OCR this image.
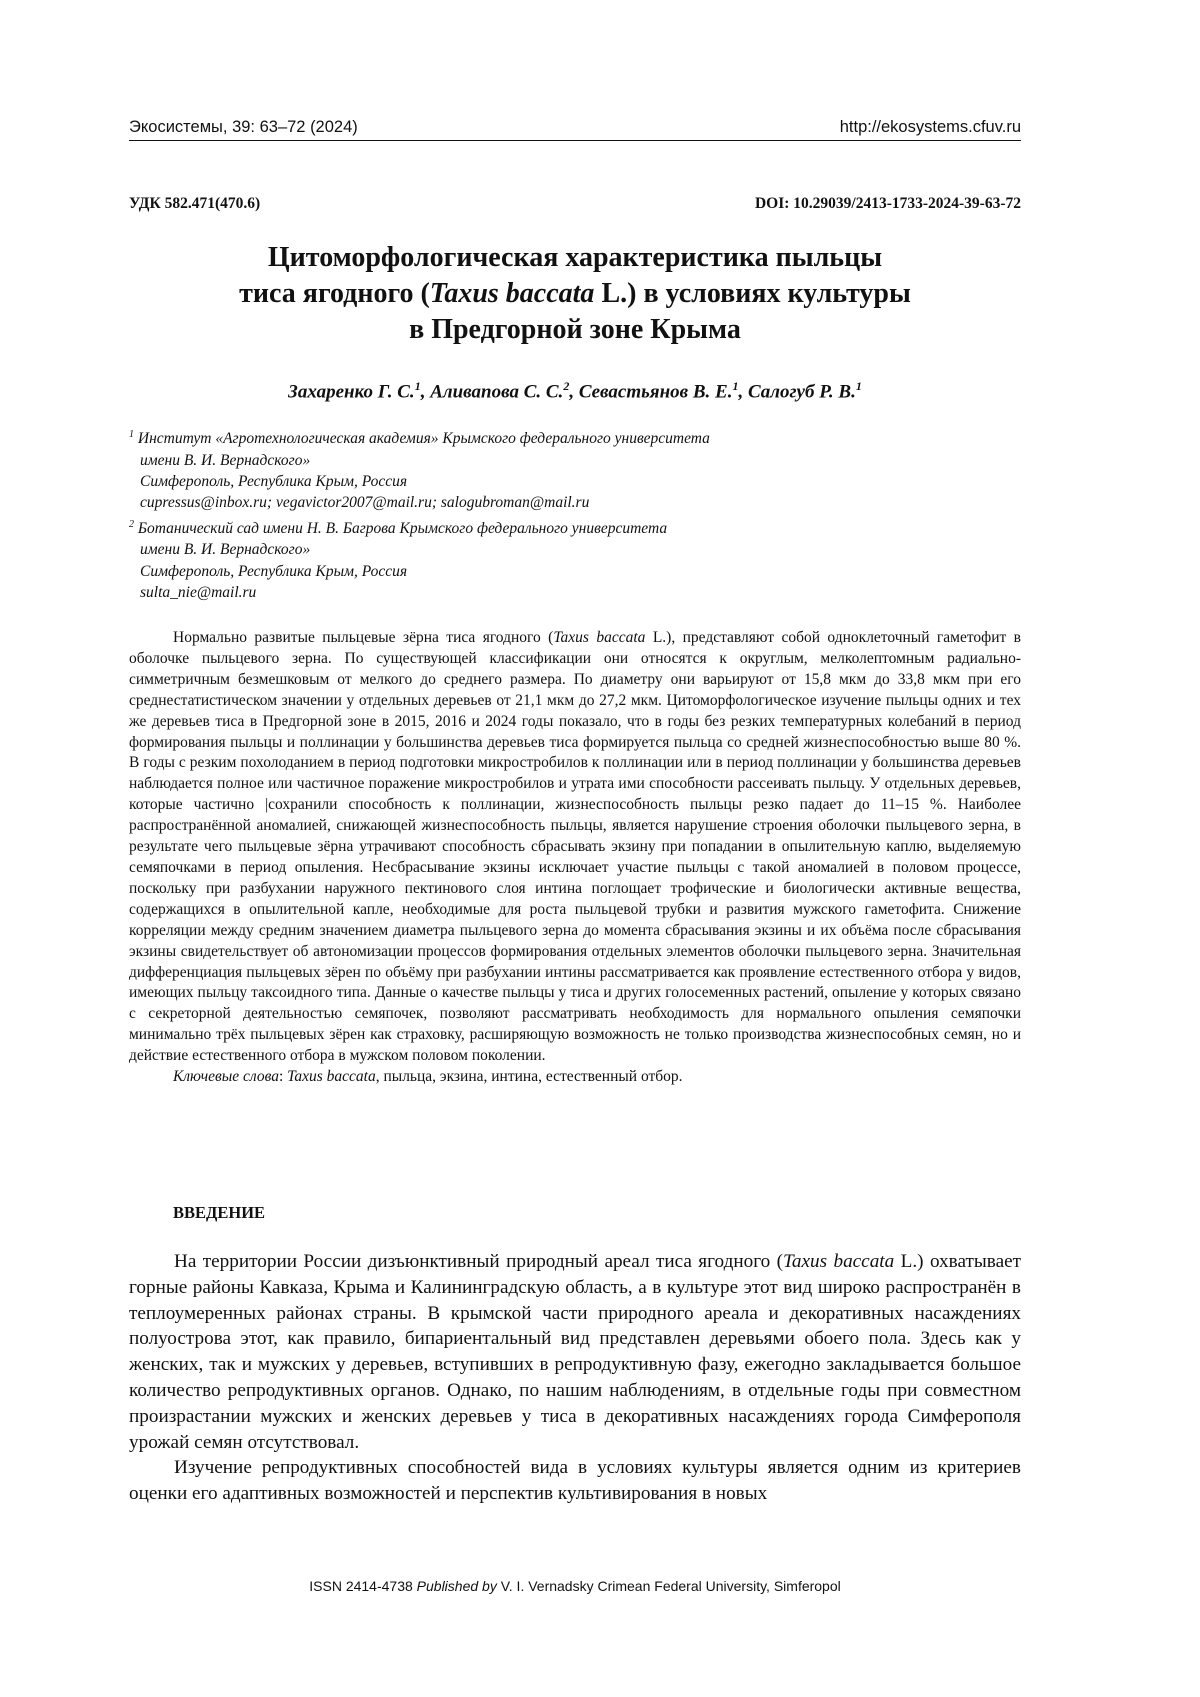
Экосистемы, 39: 63–72 (2024)	http://ekosystems.cfuv.ru
УДК 582.471(470.6)	DOI: 10.29039/2413-1733-2024-39-63-72
Цитоморфологическая характеристика пыльцы
тиса ягодного (Taxus baccata L.) в условиях культуры
в Предгорной зоне Крыма
Захаренко Г. С.$^1$, Аливапова С. С.$^2$, Севастьянов В. Е.$^1$, Салогуб Р. В.$^1$
$^1$ Институт «Агротехнологическая академия» Крымского федерального университета
имени В. И. Вернадского»
Симферополь, Республика Крым, Россия
cupressus@inbox.ru; vegavictor2007@mail.ru; salogubroman@mail.ru
$^2$ Ботанический сад имени Н. В. Багрова Крымского федерального университета
имени В. И. Вернадского»
Симферополь, Республика Крым, Россия
sulta_nie@mail.ru

Нормально развитые пыльцевые зёрна тиса ягодного (Taxus baccata L.), представляют собой одноклеточный гаметофит в оболочке пыльцевого зерна. По существующей классификации они относятся к округлым, мелколептомным радиально-симметричным безмешковым от мелкого до среднего размера. По диаметру они варьируют от 15,8 мкм до 33,8 мкм при его среднестатистическом значении у отдельных деревьев от 21,1 мкм до 27,2 мкм. Цитоморфологическое изучение пыльцы одних и тех же деревьев тиса в Предгорной зоне в 2015, 2016 и 2024 годы показало, что в годы без резких температурных колебаний в период формирования пыльцы и поллинации у большинства деревьев тиса формируется пыльца со средней жизнеспособностью выше 80 %. В годы с резким похолоданием в период подготовки микростробилов к поллинации или в период поллинации у большинства деревьев наблюдается полное или частичное поражение микростробилов и утрата ими способности рассеивать пыльцу. У отдельных деревьев, которые частично |сохранили способность к поллинации, жизнеспособность пыльцы резко падает до 11–15 %. Наиболее распространённой аномалией, снижающей жизнеспособность пыльцы, является нарушение строения оболочки пыльцевого зерна, в результате чего пыльцевые зёрна утрачивают способность сбрасывать экзину при попадании в опылительную каплю, выделяемую семяпочками в период опыления. Несбрасывание экзины исключает участие пыльцы с такой аномалией в половом процессе, поскольку при разбухании наружного пектинового слоя интина поглощает трофические и биологически активные вещества, содержащихся в опылительной капле, необходимые для роста пыльцевой трубки и развития мужского гаметофита. Снижение корреляции между средним значением диаметра пыльцевого зерна до момента сбрасывания экзины и их объёма после сбрасывания экзины свидетельствует об автономизации процессов формирования отдельных элементов оболочки пыльцевого зерна. Значительная дифференциация пыльцевых зёрен по объёму при разбухании интины рассматривается как проявление естественного отбора у видов, имеющих пыльцу таксоидного типа. Данные о качестве пыльцы у тиса и других голосеменных растений, опыление у которых связано с секреторной деятельностью семяпочек, позволяют рассматривать необходимость для нормального опыления семяпочки минимально трёх пыльцевых зёрен как страховку, расширяющую возможность не только производства жизнеспособных семян, но и действие естественного отбора в мужском половом поколении.

Ключевые слова: Taxus baccata, пыльца, экзина, интина, естественный отбор.

ВВЕДЕНИЕ

На территории России дизъюнктивный природный ареал тиса ягодного (Taxus baccata L.) охватывает горные районы Кавказа, Крыма и Калининградскую область, а в культуре этот вид широко распространён в теплоумеренных районах страны. В крымской части природного ареала и декоративных насаждениях полуострова этот, как правило, бипариентальный вид представлен деревьями обоего пола. Здесь как у женских, так и мужских у деревьев, вступивших в репродуктивную фазу, ежегодно закладывается большое количество репродуктивных органов. Однако, по нашим наблюдениям, в отдельные годы при совместном произрастании мужских и женских деревьев у тиса в декоративных насаждениях города Симферополя урожай семян отсутствовал.

Изучение репродуктивных способностей вида в условиях культуры является одним из критериев оценки его адаптивных возможностей и перспектив культивирования в новых

ISSN 2414-4738 Published by V. I. Vernadsky Crimean Federal University, Simferopol
